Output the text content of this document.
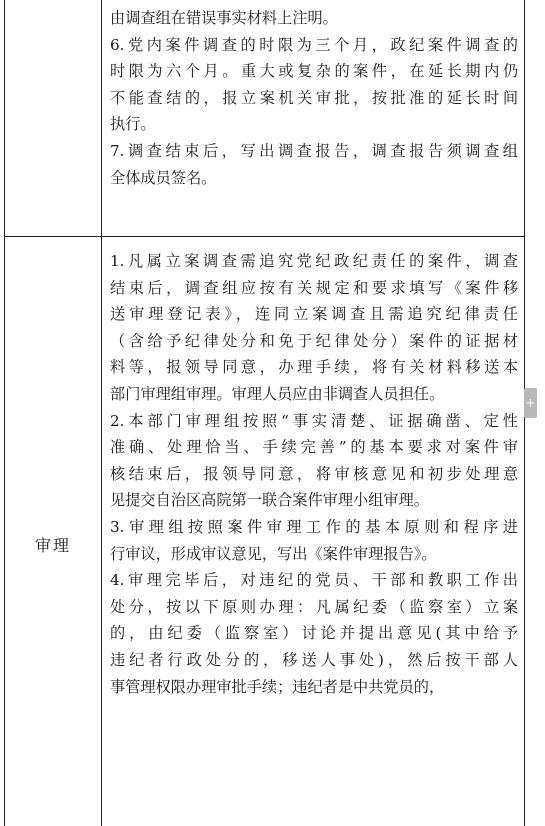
由调查组在错误事实材料上注明。
6.党内案件调查的时限为三个月，政纪案件调查的
时限为六个月。重大或复杂的案件，在延长期内仍
不能查结的，报立案机关审批，按批准的延长时间
执行。
7.调查结束后，写出调查报告，调查报告须调查组
全体成员签名。

审理

1.凡属立案调查需追究党纪政纪责任的案件，调查
结束后，调查组应按有关规定和要求填写《案件移
送审理登记表》，连同立案调查且需追究纪律责任
（含给予纪律处分和免于纪律处分）案件的证据材
料等，报领导同意，办理手续，将有关材料移送本
部门审理组审理。审理人员应由非调查人员担任。
2.本部门审理组按照“事实清楚、证据确凿、定性
准确、处理恰当、手续完善”的基本要求对案件审
核结束后，报领导同意，将审核意见和初步处理意
见提交自治区高院第一联合案件审理小组审理。
3.审理组按照案件审理工作的基本原则和程序进
行审议，形成审议意见，写出《案件审理报告》。
4.审理完毕后，对违纪的党员、干部和教职工作出
处分，按以下原则办理：凡属纪委（监察室）立案
的，由纪委（监察室）讨论并提出意见(其中给予
违纪者行政处分的，移送人事处)，然后按干部人
事管理权限办理审批手续；违纪者是中共党员的，

+
